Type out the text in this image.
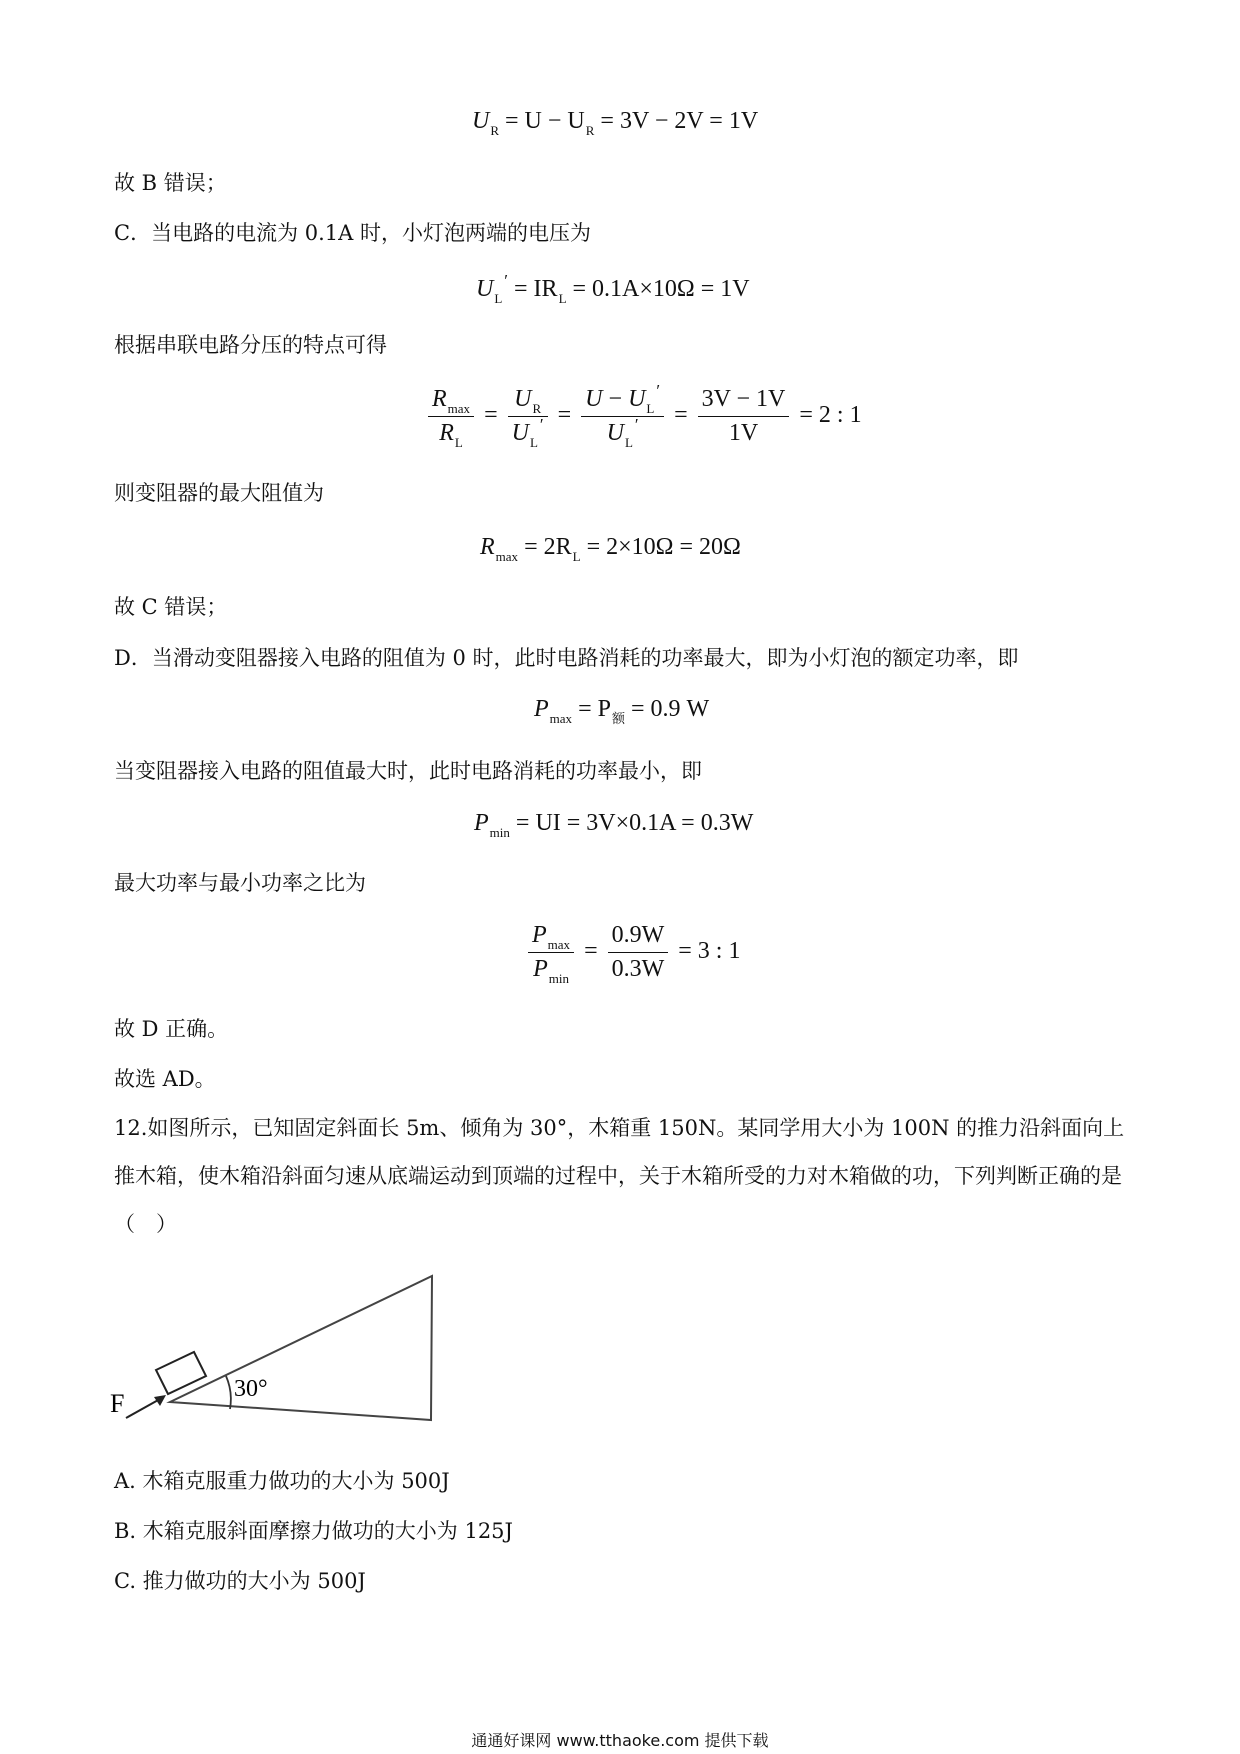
$U_R = U - U_R = 3V - 2V = 1V$
故 B 错误；
C．当电路的电流为 0.1A 时，小灯泡两端的电压为
$U_L' = IR_L = 0.1A\times 10\Omega = 1V$
根据串联电路分压的特点可得
$\frac{R_{max}}{R_L} = \frac{U_R}{U_L'} = \frac{U - U_L'}{U_L'} = \frac{3V - 1V}{1V} = 2$ : 1
则变阻器的最大阻值为
$R_{max} = 2R_L = 2\times 10\Omega = 20\Omega$
故 C 错误；
D．当滑动变阻器接入电路的阻值为 0 时，此时电路消耗的功率最大，即为小灯泡的额定功率，即
$P_{max} = P_额 = 0.9$ W
当变阻器接入电路的阻值最大时，此时电路消耗的功率最小，即
$P_{min}$ = UI = 3V×0.1A = 0.3W
最大功率与最小功率之比为
$\frac{P_{max}}{P_{min}} = \frac{0.9W}{0.3W} = 3$ : 1
故 D 正确。
故选 AD。
12.如图所示，已知固定斜面长 5m、倾角为 30°，木箱重 150N。某同学用大小为 100N 的推力沿斜面向上推木箱，使木箱沿斜面匀速从底端运动到顶端的过程中，关于木箱所受的力对木箱做的功，下列判断正确的是（　）
F	30°
A. 木箱克服重力做功的大小为 500J
B. 木箱克服斜面摩擦力做功的大小为 125J
C. 推力做功的大小为 500J
通通好课网 www.tthaoke.com 提供下载
